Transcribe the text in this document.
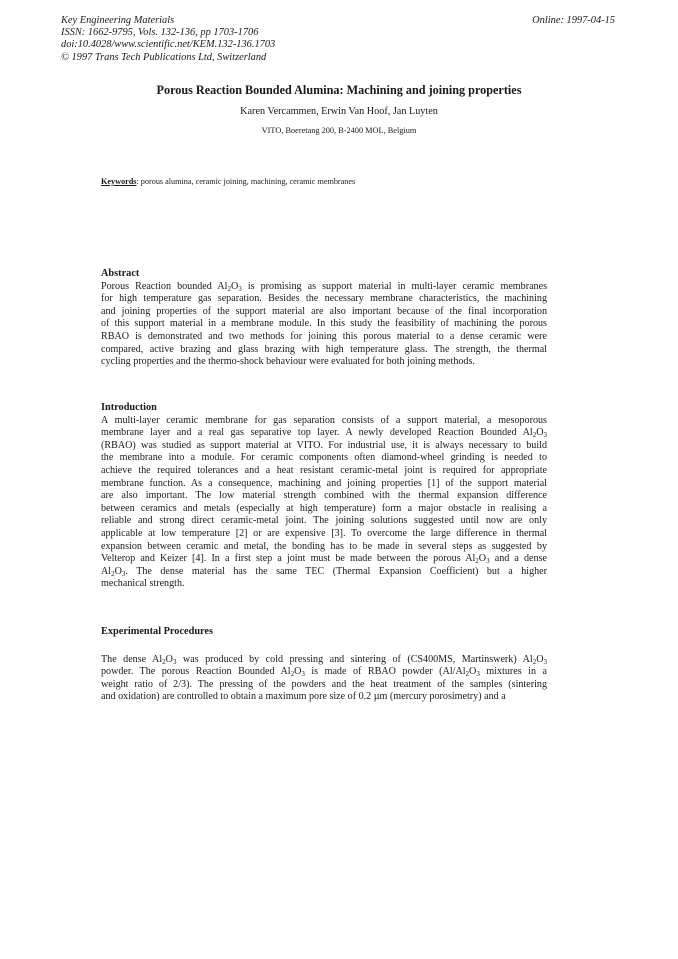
Key Engineering Materials
ISSN: 1662-9795, Vols. 132-136, pp 1703-1706
doi:10.4028/www.scientific.net/KEM.132-136.1703
© 1997 Trans Tech Publications Ltd, Switzerland
Online: 1997-04-15
Porous Reaction Bounded Alumina: Machining and joining properties
Karen Vercammen, Erwin Van Hoof, Jan Luyten
VITO, Boeretang 200, B-2400 MOL, Belgium
Keywords: porous alumina, ceramic joining, machining, ceramic membranes
Abstract
Porous Reaction bounded $Al_2O_3$ is promising as support material in multi-layer ceramic membranes
for high temperature gas separation. Besides the necessary membrane characteristics, the machining
and joining properties of the support material are also important because of the final incorporation
of this support material in a membrane module. In this study the feasibility of machining the porous
RBAO is demonstrated and two methods for joining this porous material to a dense ceramic were
compared, active brazing and glass brazing with high temperature glass. The strength, the thermal
cycling properties and the thermo-shock behaviour were evaluated for both joining methods.
Introduction
A multi-layer ceramic membrane for gas separation consists of a support material, a mesoporous
membrane layer and a real gas separative top layer. A newly developed Reaction Bounded $Al_2O_3$
(RBAO) was studied as support material at VITO. For industrial use, it is always necessary to build
the membrane into a module. For ceramic components often diamond-wheel grinding is needed to
achieve the required tolerances and a heat resistant ceramic-metal joint is required for appropriate
membrane function. As a consequence, machining and joining properties [1] of the support material
are also important. The low material strength combined with the thermal expansion difference
between ceramics and metals (especially at high temperature) form a major obstacle in realising a
reliable and strong direct ceramic-metal joint. The joining solutions suggested until now are only
applicable at low temperature [2] or are expensive [3]. To overcome the large difference in thermal
expansion between ceramic and metal, the bonding has to be made in several steps as suggested by
Velterop and Keizer [4]. In a first step a joint must be made between the porous $Al_2O_3$ and a dense
$Al_2O_3$. The dense material has the same TEC (Thermal Expansion Coefficient) but a higher
mechanical strength.
Experimental Procedures
The dense $Al_2O_3$ was produced by cold pressing and sintering of (CS400MS, Martinswerk) $Al_2O_3$
powder. The porous Reaction Bounded $Al_2O_3$ is made of RBAO powder ($Al/Al_2O_3$ mixtures in a
weight ratio of 2/3). The pressing of the powders and the heat treatment of the samples (sintering
and oxidation) are controlled to obtain a maximum pore size of 0.2 µm (mercury porosimetry) and a
